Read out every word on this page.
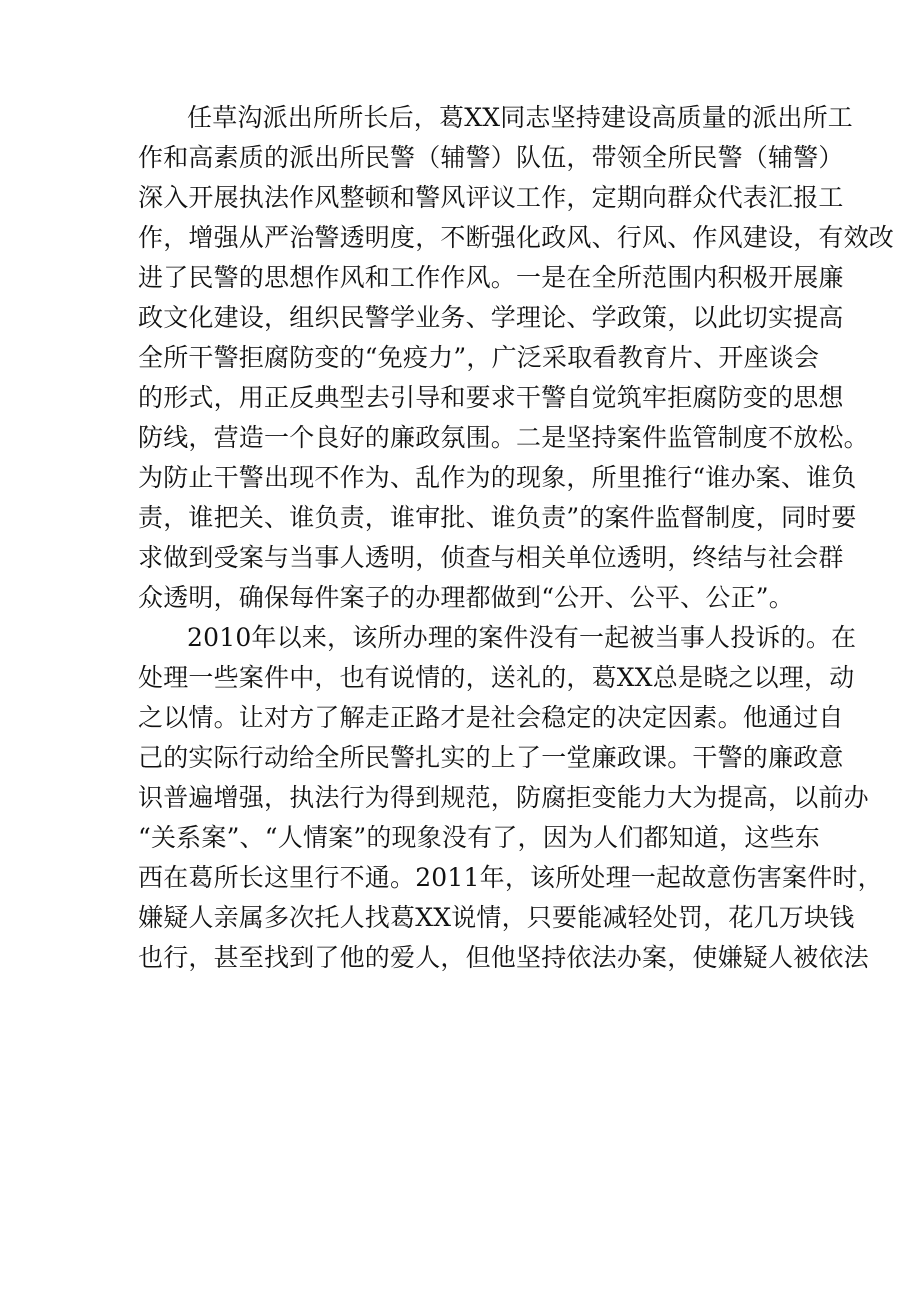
任草沟派出所所长后，葛XX同志坚持建设高质量的派出所工
作和高素质的派出所民警（辅警）队伍，带领全所民警（辅警）
深入开展执法作风整顿和警风评议工作，定期向群众代表汇报工
作，增强从严治警透明度，不断强化政风、行风、作风建设，有效改
进了民警的思想作风和工作作风。一是在全所范围内积极开展廉
政文化建设，组织民警学业务、学理论、学政策，以此切实提高
全所干警拒腐防变的“免疫力”，广泛采取看教育片、开座谈会
的形式，用正反典型去引导和要求干警自觉筑牢拒腐防变的思想
防线，营造一个良好的廉政氛围。二是坚持案件监管制度不放松。
为防止干警出现不作为、乱作为的现象，所里推行“谁办案、谁负
责，谁把关、谁负责，谁审批、谁负责”的案件监督制度，同时要
求做到受案与当事人透明，侦查与相关单位透明，终结与社会群
众透明，确保每件案子的办理都做到“公开、公平、公正”。
2010年以来，该所办理的案件没有一起被当事人投诉的。在
处理一些案件中，也有说情的，送礼的，葛XX总是晓之以理，动
之以情。让对方了解走正路才是社会稳定的决定因素。他通过自
己的实际行动给全所民警扎实的上了一堂廉政课。干警的廉政意
识普遍增强，执法行为得到规范，防腐拒变能力大为提高，以前办
“关系案”、“人情案”的现象没有了，因为人们都知道，这些东
西在葛所长这里行不通。2011年，该所处理一起故意伤害案件时，
嫌疑人亲属多次托人找葛XX说情，只要能减轻处罚，花几万块钱
也行，甚至找到了他的爱人，但他坚持依法办案，使嫌疑人被依法
